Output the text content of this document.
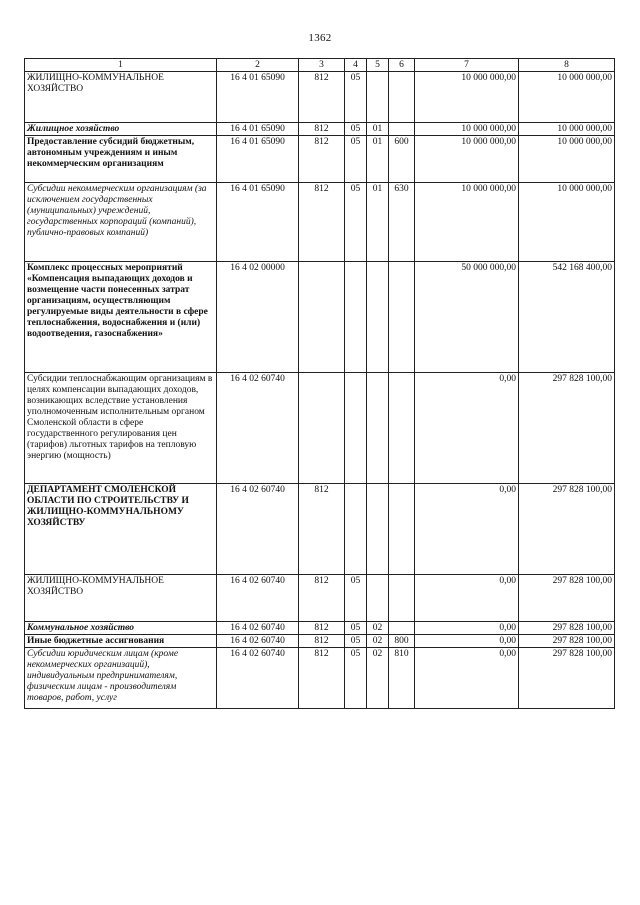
1362
1	2	3	4	5	6	7	8
ЖИЛИЩНО-КОММУНАЛЬНОЕ ХОЗЯЙСТВО	16 4 01 65090	812	05			10 000 000,00	10 000 000,00
Жилищное хозяйство	16 4 01 65090	812	05	01		10 000 000,00	10 000 000,00
Предоставление субсидий бюджетным, автономным учреждениям и иным некоммерческим организациям	16 4 01 65090	812	05	01	600	10 000 000,00	10 000 000,00
Субсидии некоммерческим организациям (за исключением государственных (муниципальных) учреждений, государственных корпораций (компаний), публично-правовых компаний)	16 4 01 65090	812	05	01	630	10 000 000,00	10 000 000,00
Комплекс процессных мероприятий «Компенсация выпадающих доходов и возмещение части понесенных затрат организациям, осуществляющим регулируемые виды деятельности в сфере теплоснабжения, водоснабжения и (или) водоотведения, газоснабжения»	16 4 02 00000					50 000 000,00	542 168 400,00
Субсидии теплоснабжающим организациям в целях компенсации выпадающих доходов, возникающих вследствие установления уполномоченным исполнительным органом Смоленской области в сфере государственного регулирования цен (тарифов) льготных тарифов на тепловую энергию (мощность)	16 4 02 60740					0,00	297 828 100,00
ДЕПАРТАМЕНТ СМОЛЕНСКОЙ ОБЛАСТИ ПО СТРОИТЕЛЬСТВУ И ЖИЛИЩНО-КОММУНАЛЬНОМУ ХОЗЯЙСТВУ	16 4 02 60740	812				0,00	297 828 100,00
ЖИЛИЩНО-КОММУНАЛЬНОЕ ХОЗЯЙСТВО	16 4 02 60740	812	05			0,00	297 828 100,00
Коммунальное хозяйство	16 4 02 60740	812	05	02		0,00	297 828 100,00
Иные бюджетные ассигнования	16 4 02 60740	812	05	02	800	0,00	297 828 100,00
Субсидии юридическим лицам (кроме некоммерческих организаций), индивидуальным предпринимателям, физическим лицам - производителям товаров, работ, услуг	16 4 02 60740	812	05	02	810	0,00	297 828 100,00
